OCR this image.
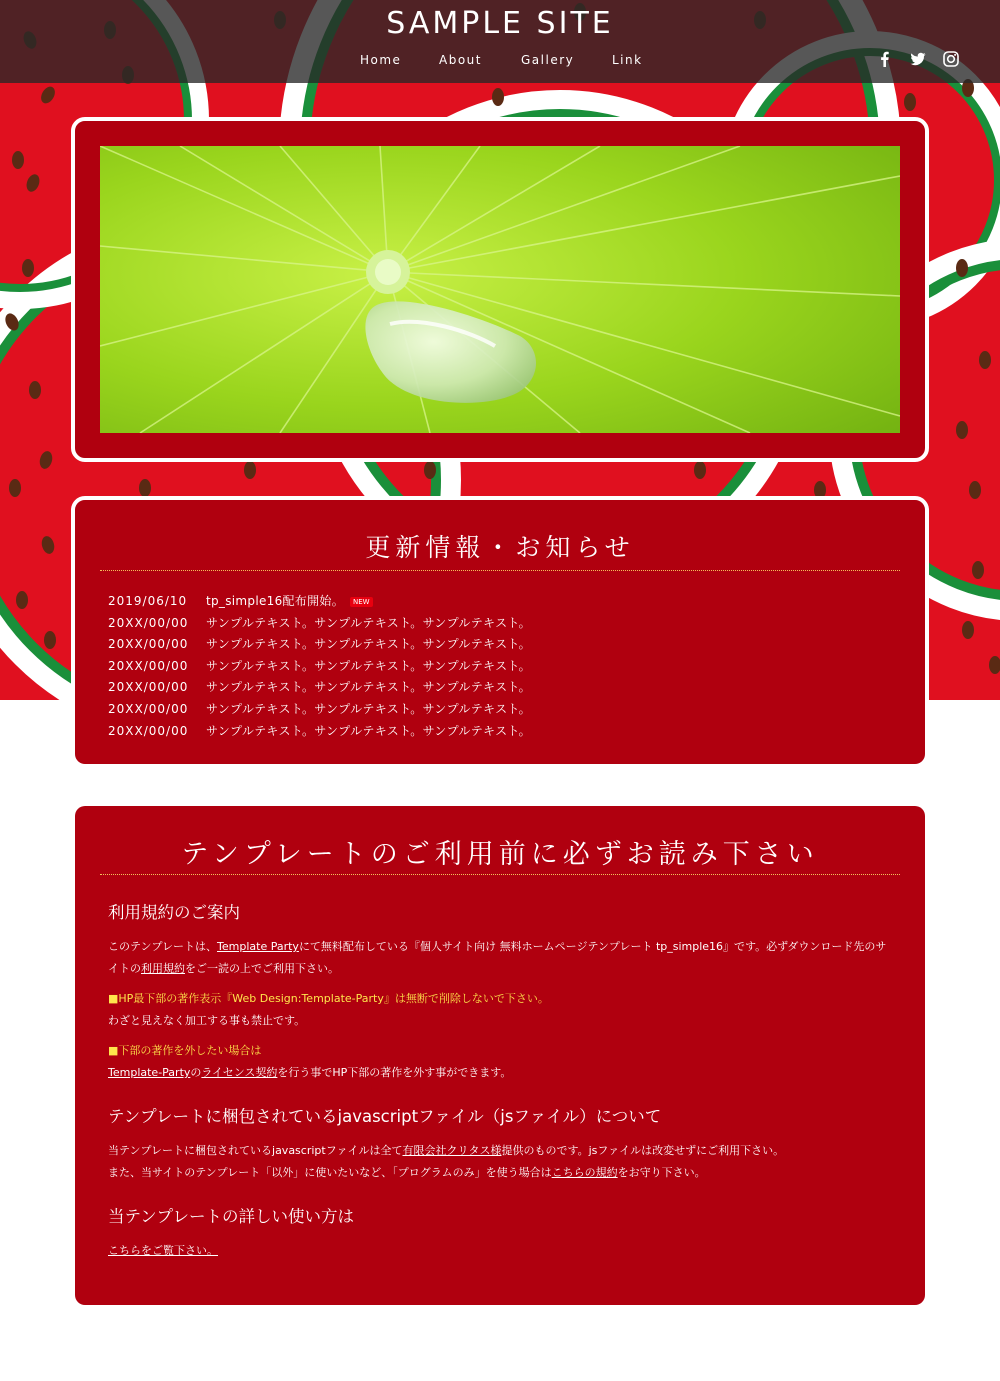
SAMPLE SITE
Home	About	Gallery	Link
更新情報・お知らせ
2019/06/10 tp_simple16配布開始。 NEW
20XX/00/00 サンプルテキスト。サンプルテキスト。サンプルテキスト。
20XX/00/00 サンプルテキスト。サンプルテキスト。サンプルテキスト。
20XX/00/00 サンプルテキスト。サンプルテキスト。サンプルテキスト。
20XX/00/00 サンプルテキスト。サンプルテキスト。サンプルテキスト。
20XX/00/00 サンプルテキスト。サンプルテキスト。サンプルテキスト。
20XX/00/00 サンプルテキスト。サンプルテキスト。サンプルテキスト。
テンプレートのご利用前に必ずお読み下さい
利用規約のご案内

このテンプレートは、Template Partyにて無料配布している『個人サイト向け 無料ホームページテンプレート tp_simple16』です。必ずダウンロード先のサイトの利用規約をご一読の上でご利用下さい。

■HP最下部の著作表示『Web Design:Template-Party』は無断で削除しないで下さい。

わざと見えなく加工する事も禁止です。

■下部の著作を外したい場合は

Template-Partyのライセンス契約を行う事でHP下部の著作を外す事ができます。

テンプレートに梱包されているjavascriptファイル（jsファイル）について

当テンプレートに梱包されているjavascriptファイルは全て有限会社クリタス様提供のものです。jsファイルは改変せずにご利用下さい。

また、当サイトのテンプレート「以外」に使いたいなど、「プログラムのみ」を使う場合はこちらの規約をお守り下さい。

当テンプレートの詳しい使い方は

こちらをご覧下さい。
